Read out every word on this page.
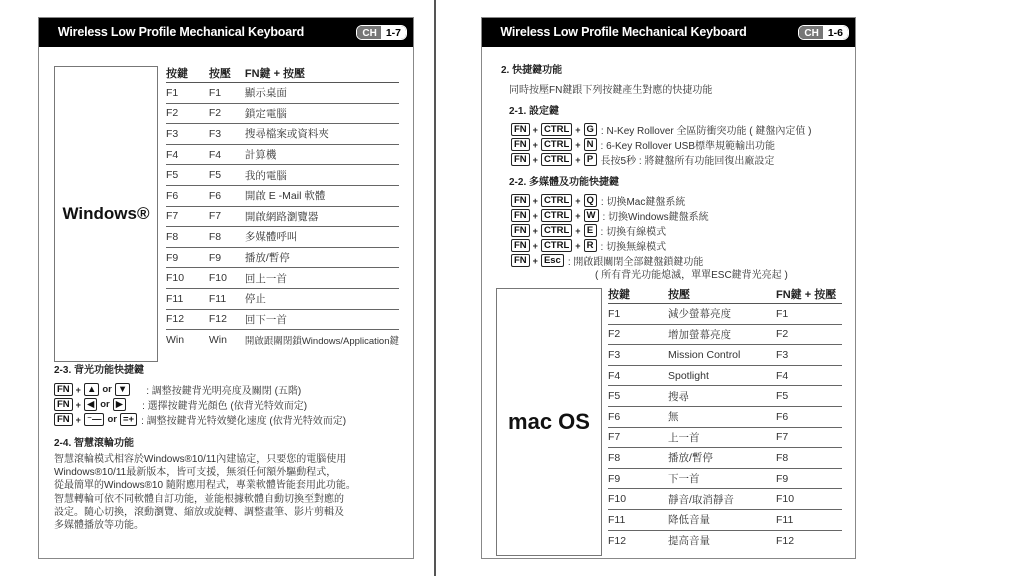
Wireless Low Profile Mechanical Keyboard	CH 1-7
Windows®
按鍵	按壓	FN鍵 + 按壓
F1	F1	顯示桌面
F2	F2	鎖定電腦
F3	F3	搜尋檔案或資料夾
F4	F4	計算機
F5	F5	我的電腦
F6	F6	開啟 E -Mail 軟體
F7	F7	開啟網路瀏覽器
F8	F8	多媒體呼叫
F9	F9	播放/暫停
F10	F10	回上一首
F11	F11	停止
F12	F12	回下一首
Win	Win	開啟跟關閉鎖Windows/Application鍵
2-3. 背光功能快捷鍵
FN + ▲ or ▼	: 調整按鍵背光明亮度及關閉 (五階)
FN + ◀ or ▶	: 選擇按鍵背光顏色 (依背光特效而定)
FN + ⁻— or =+ : 調整按鍵背光特效變化速度 (依背光特效而定)
2-4. 智慧滾輪功能
智慧滾輪模式相容於Windows®10/11內建協定，只要您的電腦使用
Windows®10/11最新版本，皆可支援，無須任何額外驅動程式，
從最簡單的Windows®10 隨附應用程式，專業軟體皆能套用此功能。
智慧轉輪可依不同軟體自訂功能，並能根據軟體自動切換至對應的
設定。隨心切換，滾動瀏覽、縮放或旋轉、調整畫筆、影片剪輯及
多媒體播放等功能。
Wireless Low Profile Mechanical Keyboard	CH 1-6
2. 快捷鍵功能
同時按壓FN鍵跟下列按鍵產生對應的快捷功能
2-1. 設定鍵
FN + CTRL + G : N-Key Rollover 全區防衝突功能 ( 鍵盤內定值 )
FN + CTRL + N : 6-Key Rollover USB標準規範輸出功能
FN + CTRL + P 長按5秒 : 將鍵盤所有功能回復出廠設定
2-2. 多媒體及功能快捷鍵
FN + CTRL + Q : 切換Mac鍵盤系統
FN + CTRL + W : 切換Windows鍵盤系統
FN + CTRL + E : 切換有線模式
FN + CTRL + R : 切換無線模式
FN + Esc : 開啟跟關閉全部鍵盤鎖鍵功能
( 所有背光功能熄滅，單單ESC鍵背光亮起 )
mac OS
按鍵	按壓	FN鍵 + 按壓
F1	減少螢幕亮度	F1
F2	增加螢幕亮度	F2
F3	Mission Control	F3
F4	Spotlight	F4
F5	搜尋	F5
F6	無	F6
F7	上一首	F7
F8	播放/暫停	F8
F9	下一首	F9
F10	靜音/取消靜音	F10
F11	降低音量	F11
F12	提高音量	F12
